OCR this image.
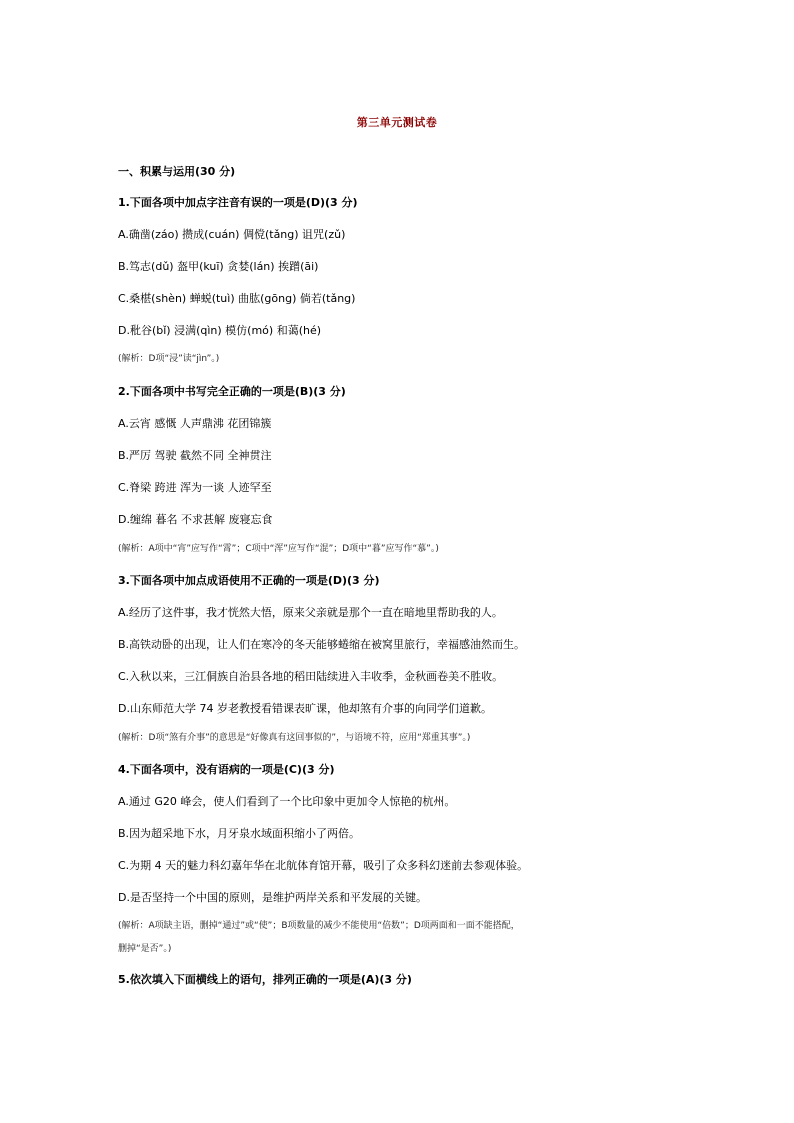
第三单元测试卷
一、积累与运用(30 分)
1.下面各项中加点字注音有误的一项是(D)(3 分)
A.确凿(záo) 攒成(cuán) 倜傥(tǎng) 诅咒(zǔ)
B.笃志(dǔ) 盔甲(kuī) 贪婪(lán) 挨蹭(āi)
C.桑椹(shèn) 蝉蜕(tuì) 曲肱(gōng) 倘若(tǎng)
D.秕谷(bǐ) 浸满(qìn) 模仿(mó) 和蔼(hé)
(解析：D项“浸”读“jìn”。)
2.下面各项中书写完全正确的一项是(B)(3 分)
A.云宵 感慨 人声鼎沸 花团锦簇
B.严厉 驾驶 截然不同 全神贯注
C.脊梁 跨进 浑为一谈 人迹罕至
D.缠绵 暮名 不求甚解 废寝忘食
(解析：A项中“宵”应写作“霄”；C项中“浑”应写作“混”；D项中“暮”应写作“慕”。)
3.下面各项中加点成语使用不正确的一项是(D)(3 分)
A.经历了这件事，我才恍然大悟，原来父亲就是那个一直在暗地里帮助我的人。
B.高铁动卧的出现，让人们在寒冷的冬天能够蜷缩在被窝里旅行，幸福感油然而生。
C.入秋以来，三江侗族自治县各地的稻田陆续进入丰收季，金秋画卷美不胜收。
D.山东师范大学 74 岁老教授看错课表旷课，他却煞有介事的向同学们道歉。
(解析：D项“煞有介事”的意思是“好像真有这回事似的”，与语境不符，应用“郑重其事”。)
4.下面各项中，没有语病的一项是(C)(3 分)
A.通过 G20 峰会，使人们看到了一个比印象中更加令人惊艳的杭州。
B.因为超采地下水，月牙泉水域面积缩小了两倍。
C.为期 4 天的魅力科幻嘉年华在北航体育馆开幕，吸引了众多科幻迷前去参观体验。
D.是否坚持一个中国的原则，是维护两岸关系和平发展的关键。
(解析：A项缺主语，删掉“通过”或“使”；B项数量的减少不能使用“倍数”；D项两面和一面不能搭配，
删掉“是否”。)
5.依次填入下面横线上的语句，排列正确的一项是(A)(3 分)
